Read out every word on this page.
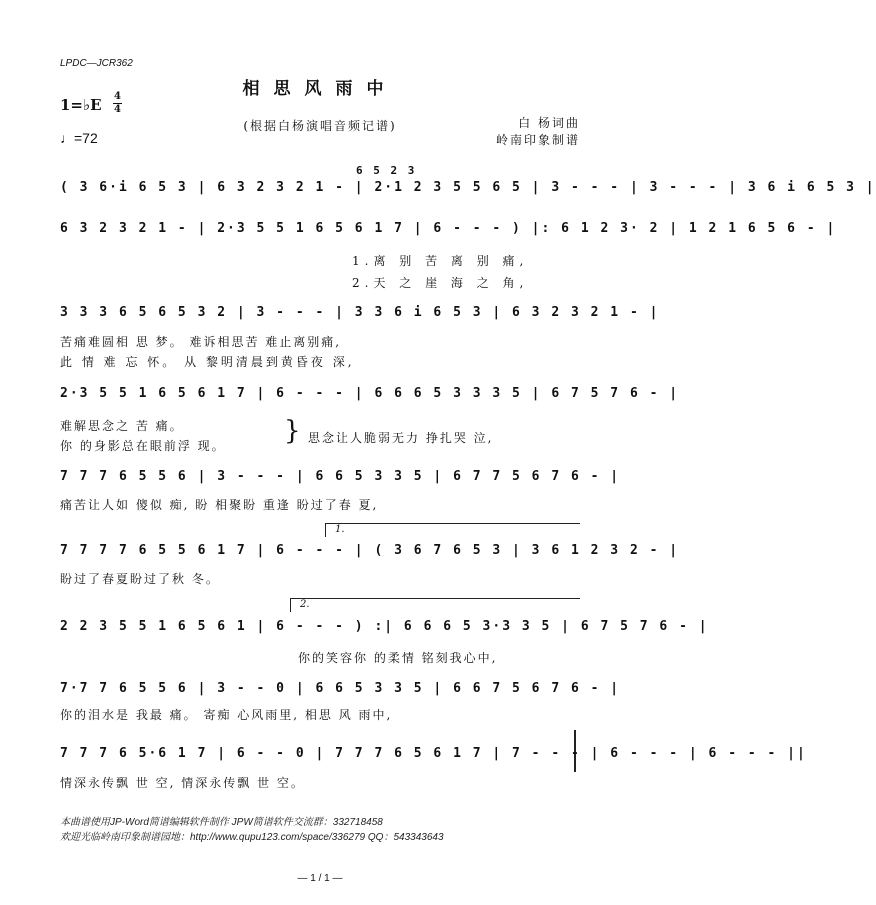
LPDC—JCR362
相思风雨中
(根据白杨演唱音频记谱)
1=♭E 4
4
♩=72
白 杨词曲
岭南印象制谱
6 5 2 3
( 3 6·i 6 5 3 | 6 3 2 3 2 1 - | 2·1 2 3 5 5 6 5 | 3 - - - | 3 - - - | 3 6 i 6 5 3 |
6 3 2 3 2 1 - | 2·3 5 5 1 6 5 6 1 7 | 6 - - - ) |: 6 1 2 3· 2 | 1 2 1 6 5 6 - |
1.离 别 苦 离 别 痛,
2.天 之 崖 海 之 角,
3 3 3 6 5 6 5 3 2 | 3 - - - | 3 3 6 i 6 5 3 | 6 3 2 3 2 1 - |
苦痛难圆相 思 梦。 难诉相思苦 难止离别痛,
此 情 难 忘 怀。 从 黎明清晨到黄昏夜 深,
2·3 5 5 1 6 5 6 1 7 | 6 - - - | 6 6 6 5 3 3 3 5 | 6 7 5 7 6 - |
难解思念之 苦 痛。
你 的身影总在眼前浮 现。 } 思念让人脆弱无力 挣扎哭 泣,
7 7 7 6 5 5 6 | 3 - - - | 6 6 5 3 3 5 | 6 7 7 5 6 7 6 - |
痛苦让人如 傻似 痴, 盼 相聚盼 重逢 盼过了春 夏,
1.
7 7 7 7 6 5 5 6 1 7 | 6 - - - | ( 3 6 7 6 5 3 | 3 6 1 2 3 2 - |
盼过了春夏盼过了秋 冬。
2.
2 2 3 5 5 1 6 5 6 1 | 6 - - - ) :| 6 6 6 5 3·3 3 5 | 6 7 5 7 6 - |
你的笑容你 的柔情 铭刻我心中,
7·7 7 6 5 5 6 | 3 - - 0 | 6 6 5 3 3 5 | 6 6 7 5 6 7 6 - |
你的泪水是 我最 痛。 寄痴 心风雨里, 相思 风 雨中,
7 7 7 6 5·6 1 7 | 6 - - 0 | 7 7 7 6 5 6 1 7 | 7 - - - | 6 - - - | 6 - - - ||
情深永传飘 世 空, 情深永传飘 世 空。
本曲谱使用JP-Word简谱编辑软件制作 JPW简谱软件交流群：332718458
欢迎光临岭南印象制谱园地：http://www.qupu123.com/space/336279 QQ：543343643
— 1 / 1 —
